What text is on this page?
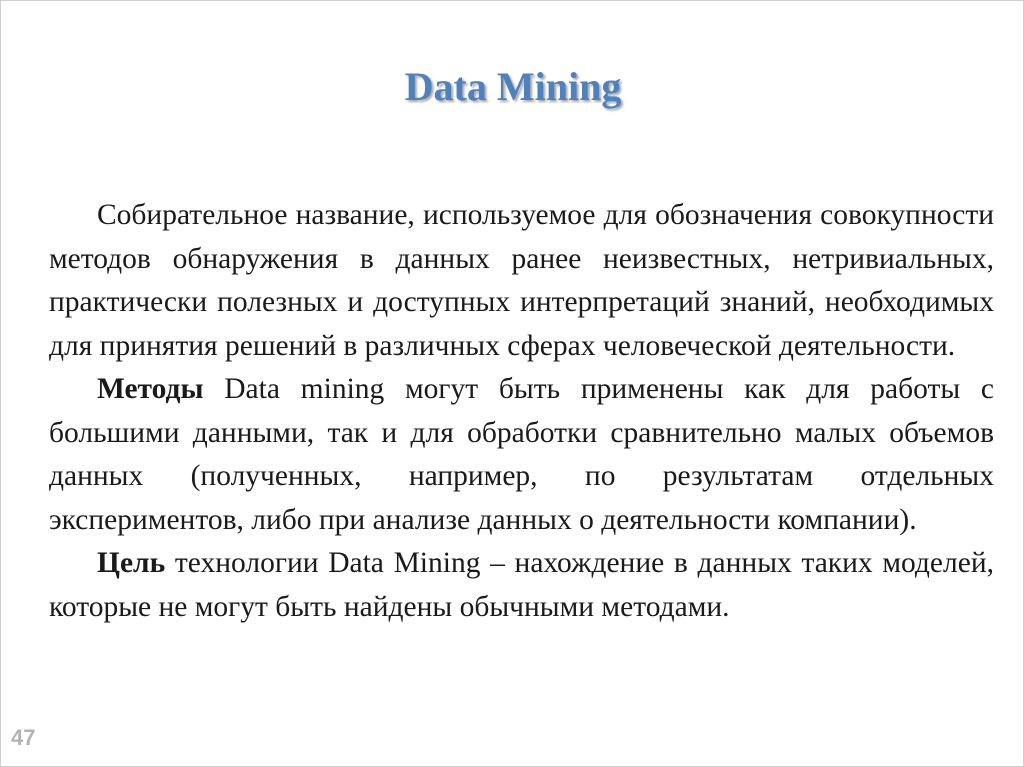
Data Mining

Собирательное название, используемое для обозначения совокупности методов обнаружения в данных ранее неизвестных, нетривиальных, практически полезных и доступных интерпретаций знаний, необходимых для принятия решений в различных сферах человеческой деятельности.

Методы Data mining могут быть применены как для работы с большими данными, так и для обработки сравнительно малых объемов данных (полученных, например, по результатам отдельных экспериментов, либо при анализе данных о деятельности компании).

Цель технологии Data Mining – нахождение в данных таких моделей, которые не могут быть найдены обычными методами.

47
